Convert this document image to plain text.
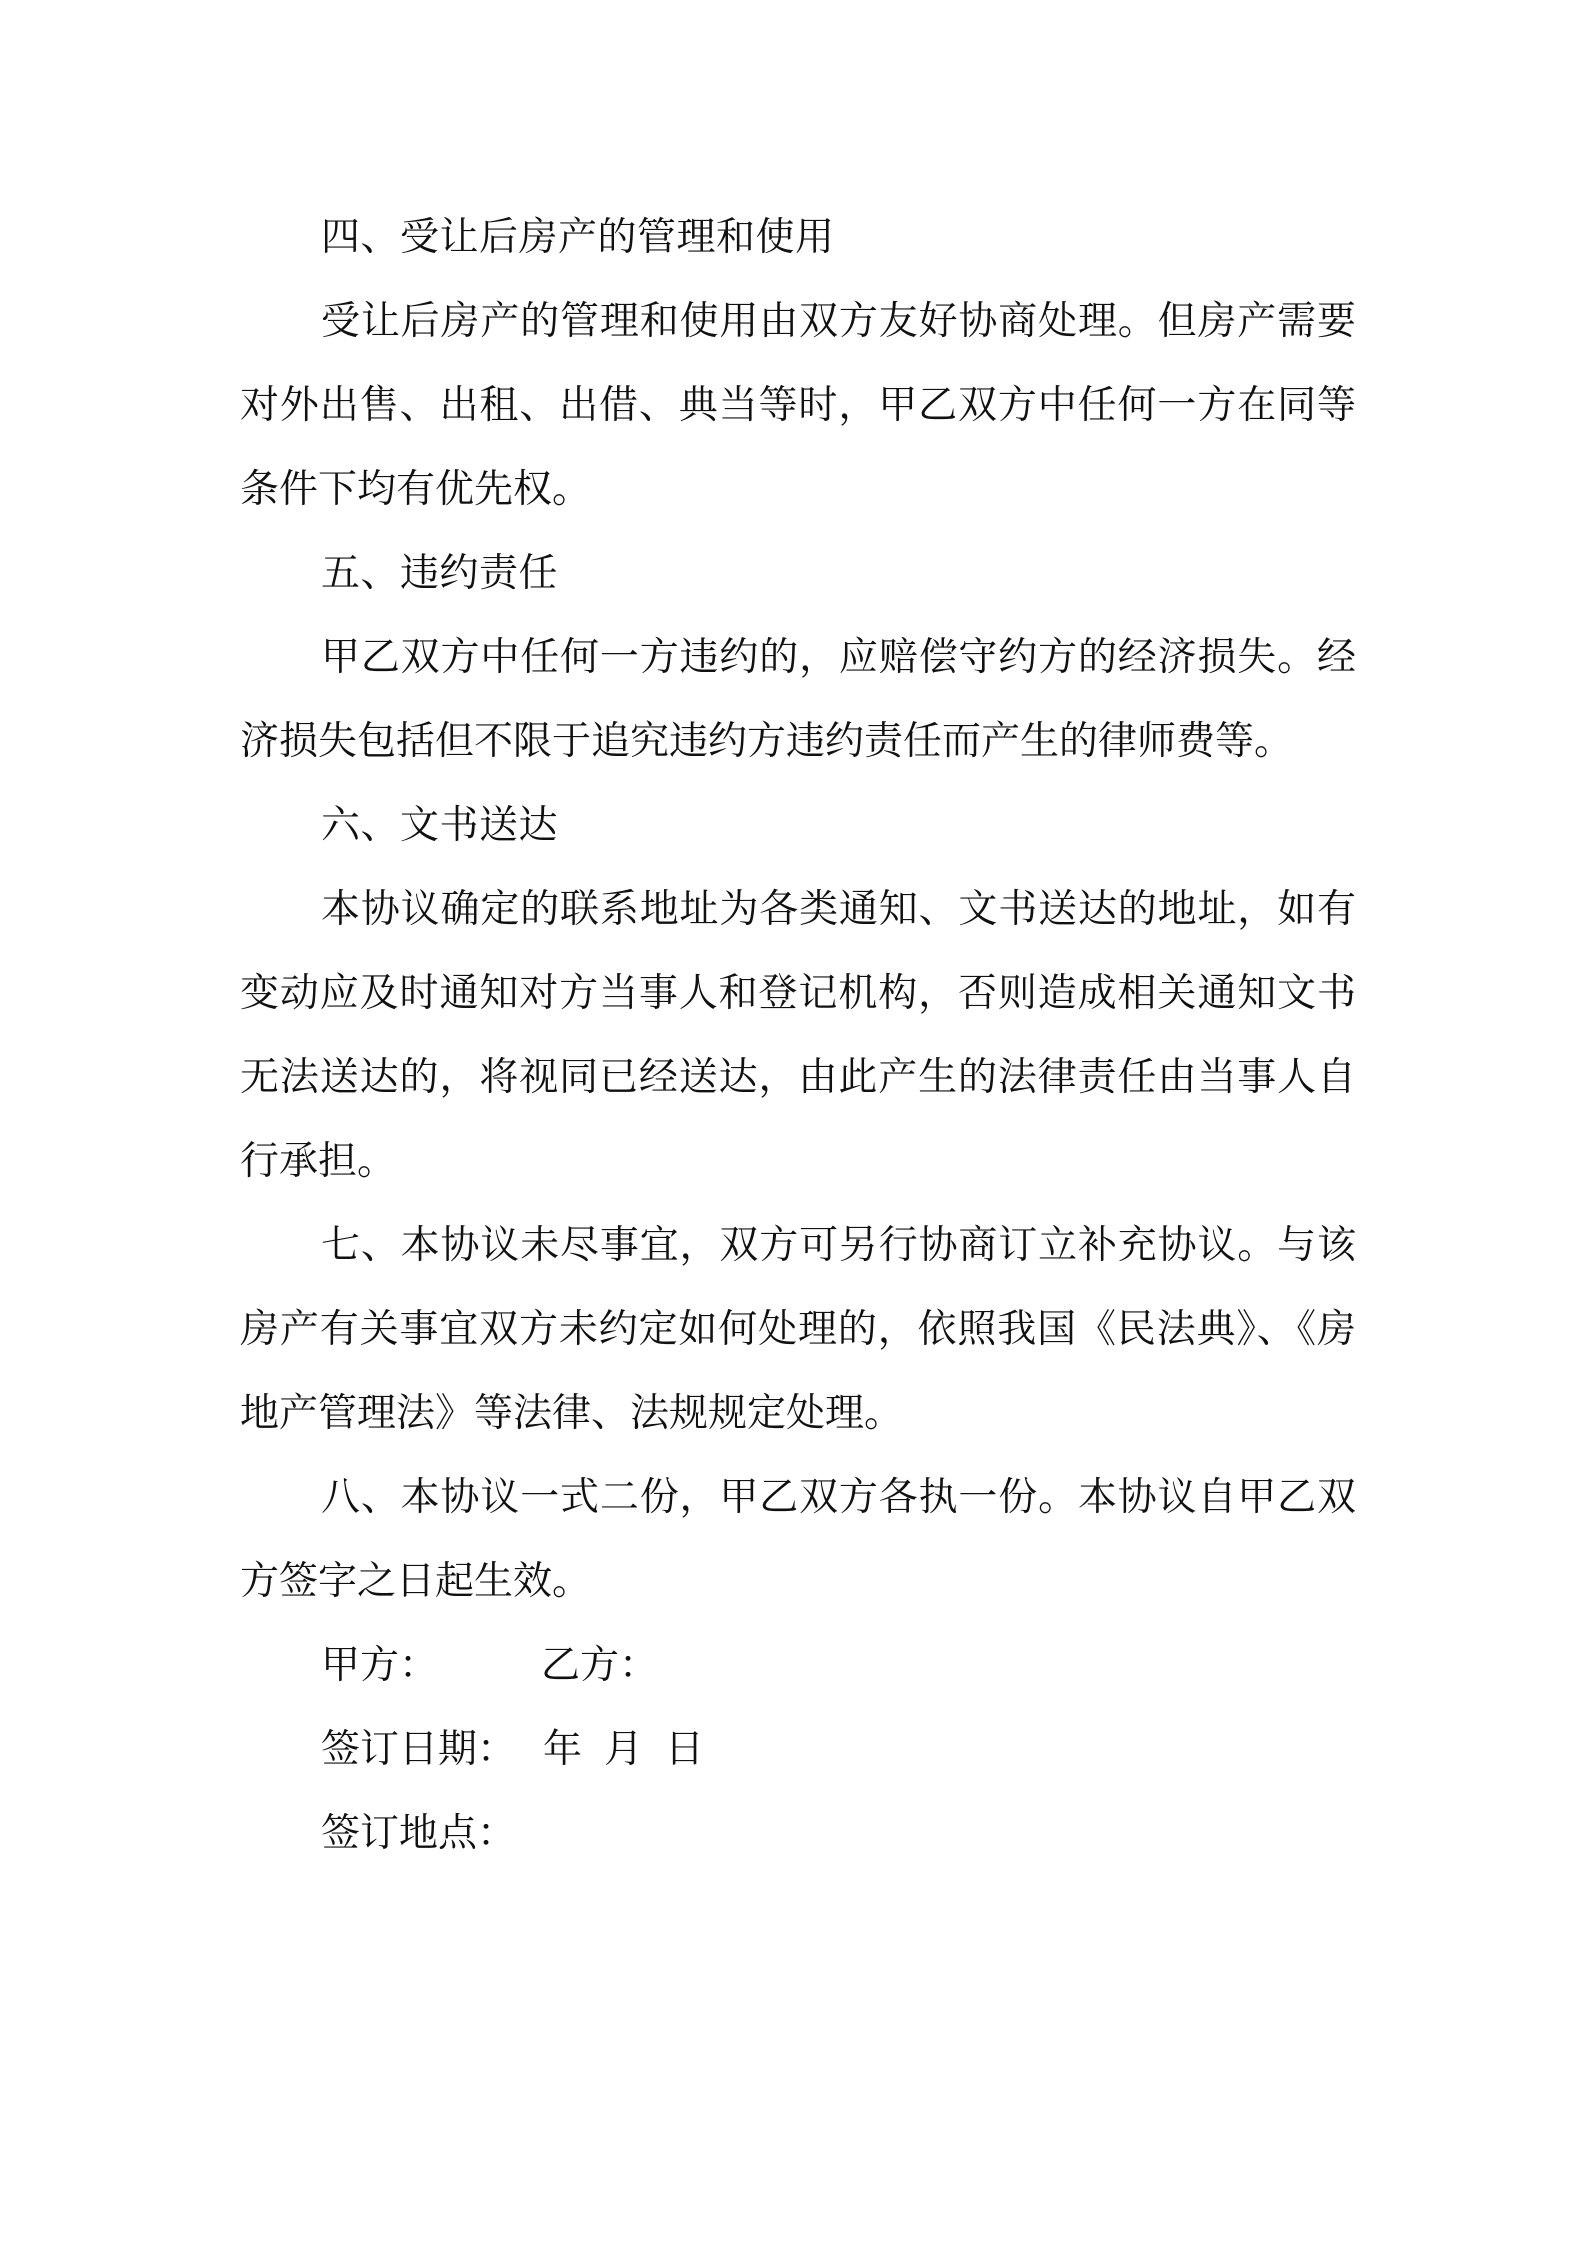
四、受让后房产的管理和使用

受让后房产的管理和使用由双方友好协商处理。但房产需要对外出售、出租、出借、典当等时，甲乙双方中任何一方在同等条件下均有优先权。

五、违约责任

甲乙双方中任何一方违约的，应赔偿守约方的经济损失。经济损失包括但不限于追究违约方违约责任而产生的律师费等。

六、文书送达

本协议确定的联系地址为各类通知、文书送达的地址，如有变动应及时通知对方当事人和登记机构，否则造成相关通知文书无法送达的，将视同已经送达，由此产生的法律责任由当事人自行承担。

七、本协议未尽事宜，双方可另行协商订立补充协议。与该房产有关事宜双方未约定如何处理的，依照我国《民法典》、《房地产管理法》等法律、法规规定处理。

八、本协议一式二份，甲乙双方各执一份。本协议自甲乙双方签字之日起生效。

甲方：	乙方：
签订日期： 年 月 日
签订地点：
